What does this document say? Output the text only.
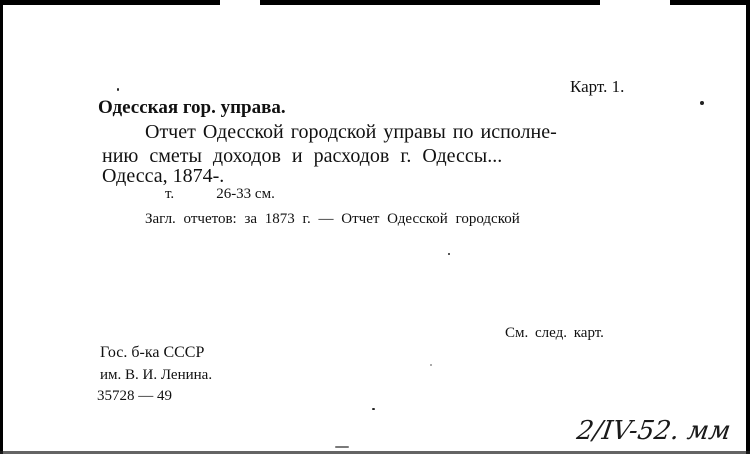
Карт. 1.
Одесская гор. управа.
Отчет Одесской городской управы по исполне-
нию сметы доходов и расходов г. Одессы...
Одесса, 1874-.
т.	26-33 см.
Загл. отчетов: за 1873 г. — Отчет Одесской городской
См. след. карт.
Гос. б-ка СССР
им. В. И. Ленина.
35728 — 49
2/IV-52. мм
